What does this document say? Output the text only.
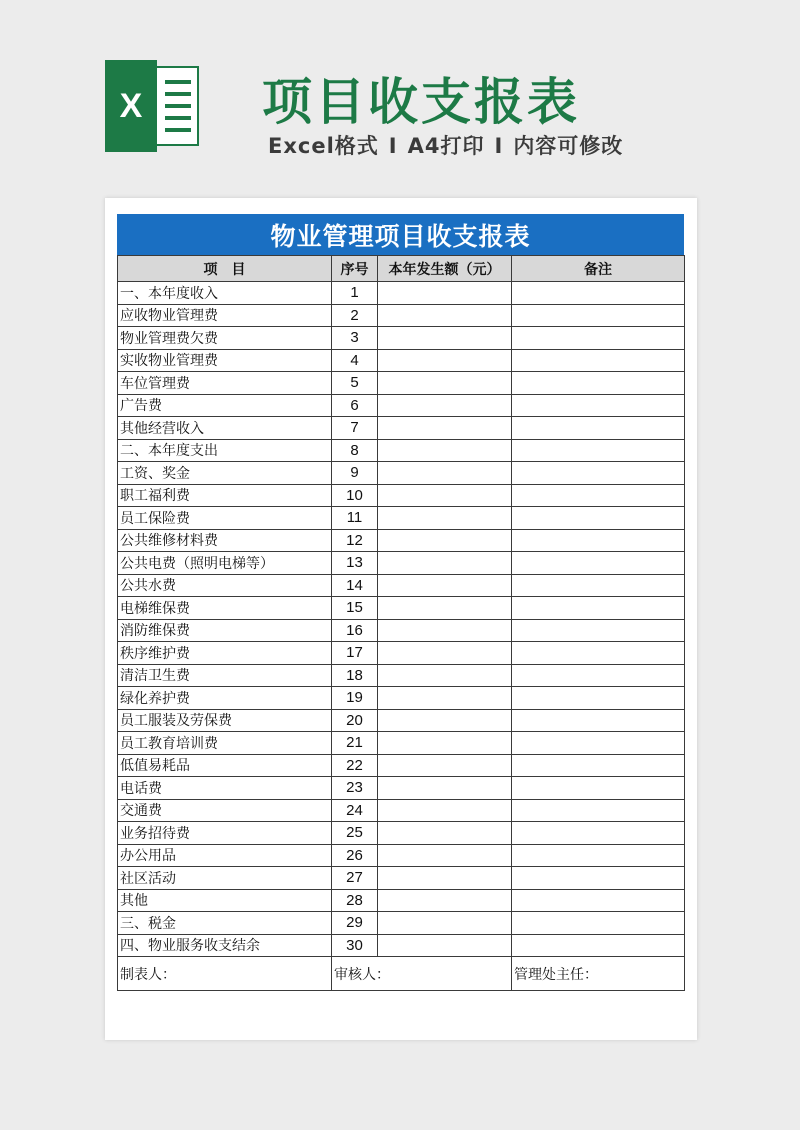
X 项目收支报表
Excel格式 I A4打印 I 内容可修改
物业管理项目收支报表
项　目	序号	本年发生额（元）	备注
一、本年度收入	1		
应收物业管理费	2		
物业管理费欠费	3		
实收物业管理费	4		
车位管理费	5		
广告费	6		
其他经营收入	7		
二、本年度支出	8		
工资、奖金	9		
职工福利费	10		
员工保险费	11		
公共维修材料费	12		
公共电费（照明电梯等）	13		
公共水费	14		
电梯维保费	15		
消防维保费	16		
秩序维护费	17		
清洁卫生费	18		
绿化养护费	19		
员工服装及劳保费	20		
员工教育培训费	21		
低值易耗品	22		
电话费	23		
交通费	24		
业务招待费	25		
办公用品	26		
社区活动	27		
其他	28		
三、税金	29		
四、物业服务收支结余	30		
制表人：	审核人：		管理处主任：
